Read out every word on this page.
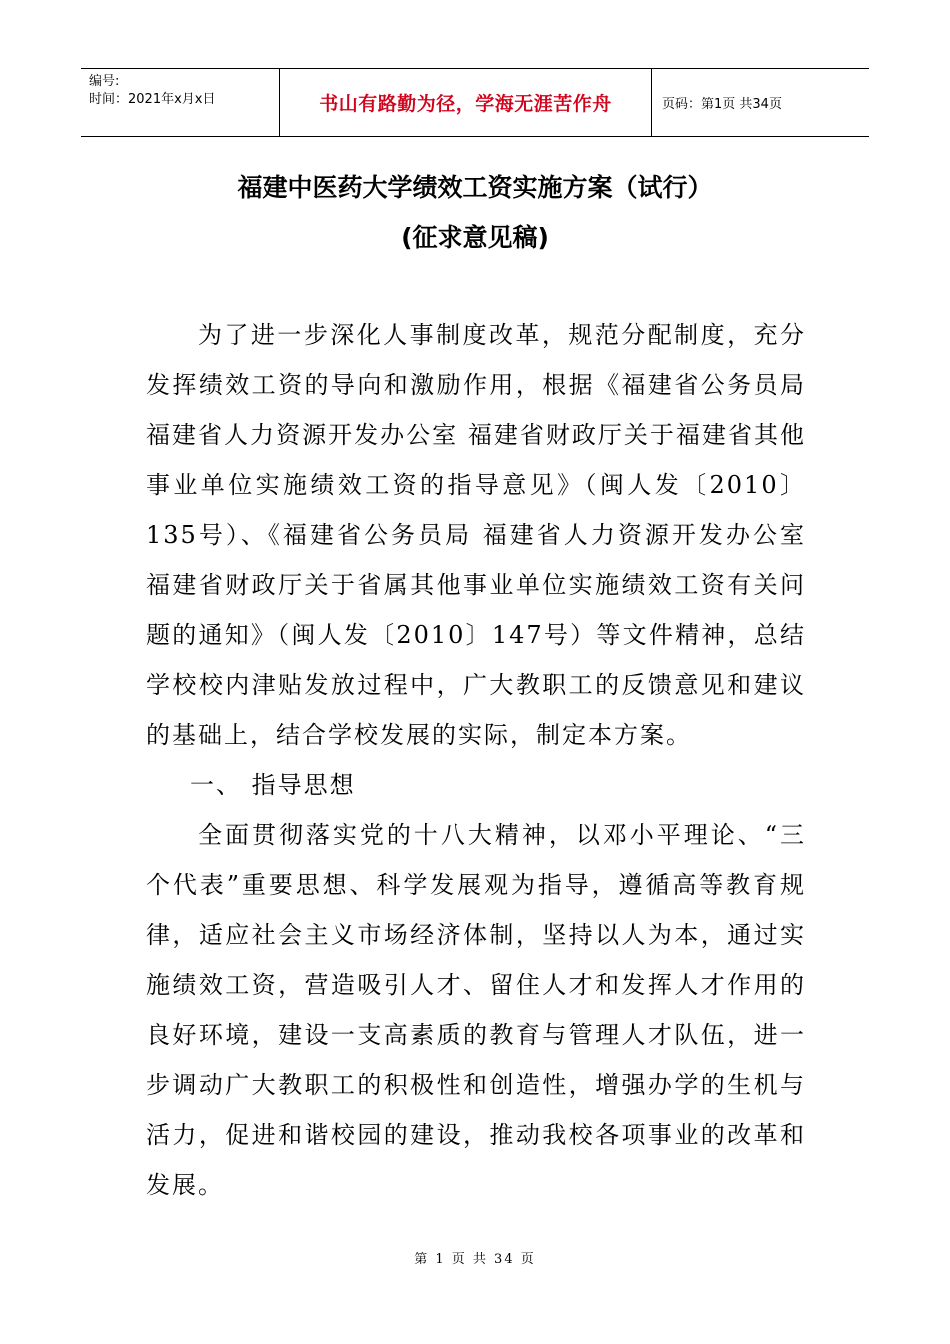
编号:
时间：2021年x月x日	书山有路勤为径，学海无涯苦作舟	页码：第1页 共34页
福建中医药大学绩效工资实施方案（试行）
(征求意见稿)

为了进一步深化人事制度改革，规范分配制度，充分发挥绩效工资的导向和激励作用，根据《福建省公务员局 福建省人力资源开发办公室 福建省财政厅关于福建省其他事业单位实施绩效工资的指导意见》（闽人发〔2010〕135号）、《福建省公务员局 福建省人力资源开发办公室 福建省财政厅关于省属其他事业单位实施绩效工资有关问题的通知》（闽人发〔2010〕147号）等文件精神，总结学校校内津贴发放过程中，广大教职工的反馈意见和建议的基础上，结合学校发展的实际，制定本方案。

一、 指导思想

全面贯彻落实党的十八大精神，以邓小平理论、“三个代表”重要思想、科学发展观为指导，遵循高等教育规律，适应社会主义市场经济体制，坚持以人为本，通过实施绩效工资，营造吸引人才、留住人才和发挥人才作用的良好环境，建设一支高素质的教育与管理人才队伍，进一步调动广大教职工的积极性和创造性，增强办学的生机与活力，促进和谐校园的建设，推动我校各项事业的改革和发展。

第 1 页 共 34 页
